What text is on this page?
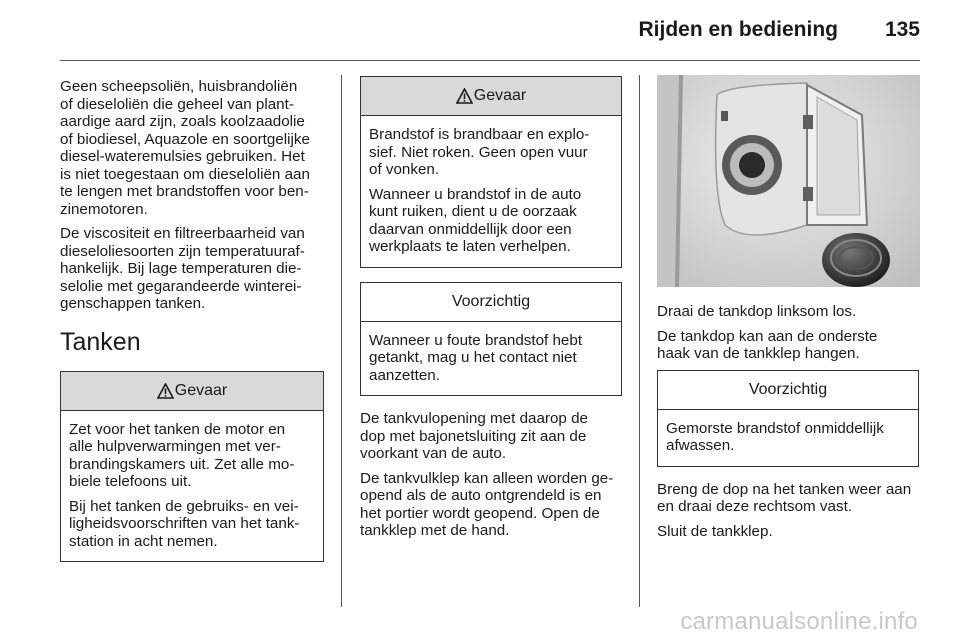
Rijden en bediening 135

Geen scheepsoliën, huisbrandoliën
of dieseloliën die geheel van plant-
aardige aard zijn, zoals koolzaadolie
of biodiesel, Aquazole en soortgelijke
diesel-wateremulsies gebruiken. Het
is niet toegestaan om dieseloliën aan
te lengen met brandstoffen voor ben-
zinemotoren.

De viscositeit en filtreerbaarheid van
dieseloliesoorten zijn temperatuuraf-
hankelijk. Bij lage temperaturen die-
selolie met gegarandeerde winterei-
genschappen tanken.

Tanken
Gevaar

Zet voor het tanken de motor en
alle hulpverwarmingen met ver-
brandingskamers uit. Zet alle mo-
biele telefoons uit.

Bij het tanken de gebruiks- en vei-
ligheidsvoorschriften van het tank-
station in acht nemen.

Gevaar

Brandstof is brandbaar en explo-
sief. Niet roken. Geen open vuur
of vonken.

Wanneer u brandstof in de auto
kunt ruiken, dient u de oorzaak
daarvan onmiddellijk door een
werkplaats te laten verhelpen.

Voorzichtig

Wanneer u foute brandstof hebt
getankt, mag u het contact niet
aanzetten.

De tankvulopening met daarop de
dop met bajonetsluiting zit aan de
voorkant van de auto.

De tankvulklep kan alleen worden ge-
opend als de auto ontgrendeld is en
het portier wordt geopend. Open de
tankklep met de hand.

Draai de tankdop linksom los.

De tankdop kan aan de onderste
haak van de tankklep hangen.

Voorzichtig

Gemorste brandstof onmiddellijk
afwassen.

Breng de dop na het tanken weer aan
en draai deze rechtsom vast.

Sluit de tankklep.

carmanualsonline.info
